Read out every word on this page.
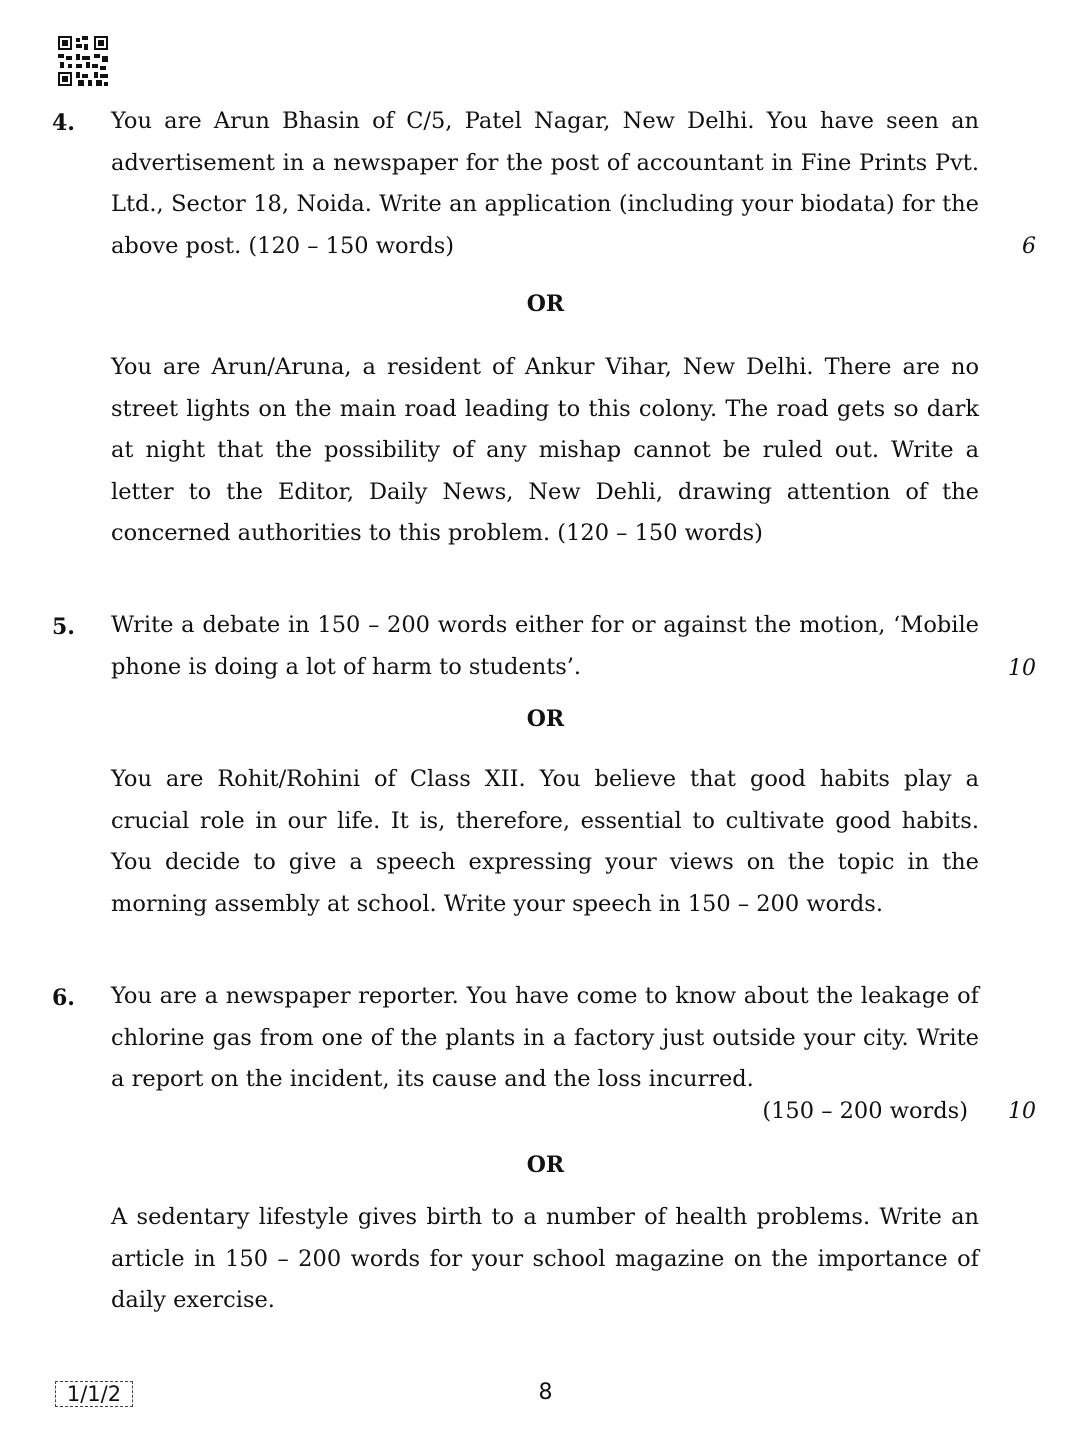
4. You are Arun Bhasin of C/5, Patel Nagar, New Delhi. You have seen an advertisement in a newspaper for the post of accountant in Fine Prints Pvt. Ltd., Sector 18, Noida. Write an application (including your biodata) for the above post. (120 – 150 words)	6
OR
You are Arun/Aruna, a resident of Ankur Vihar, New Delhi. There are no street lights on the main road leading to this colony. The road gets so dark at night that the possibility of any mishap cannot be ruled out. Write a letter to the Editor, Daily News, New Dehli, drawing attention of the concerned authorities to this problem. (120 – 150 words)
5. Write a debate in 150 – 200 words either for or against the motion, ‘Mobile phone is doing a lot of harm to students’.	10
OR
You are Rohit/Rohini of Class XII. You believe that good habits play a crucial role in our life. It is, therefore, essential to cultivate good habits. You decide to give a speech expressing your views on the topic in the morning assembly at school. Write your speech in 150 – 200 words.
6. You are a newspaper reporter. You have come to know about the leakage of chlorine gas from one of the plants in a factory just outside your city. Write a report on the incident, its cause and the loss incurred.
(150 – 200 words) 10
OR
A sedentary lifestyle gives birth to a number of health problems. Write an article in 150 – 200 words for your school magazine on the importance of daily exercise.
1/1/2	8
